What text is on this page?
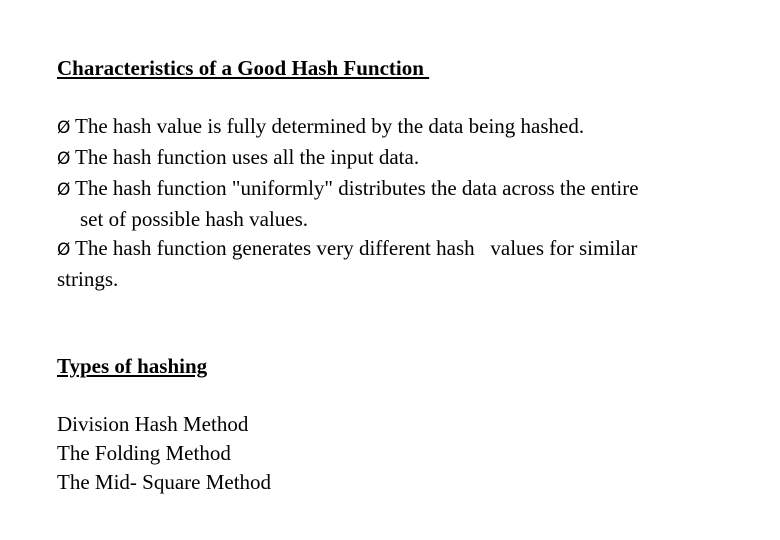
Characteristics of a Good Hash Function

Ø The hash value is fully determined by the data being hashed.
Ø The hash function uses all the input data.
Ø The hash function "uniformly" distributes the data across the entire
set of possible hash values.
Ø The hash function generates very different hash   values for similar
strings.

Types of hashing

Division Hash Method
The Folding Method
The Mid- Square Method
